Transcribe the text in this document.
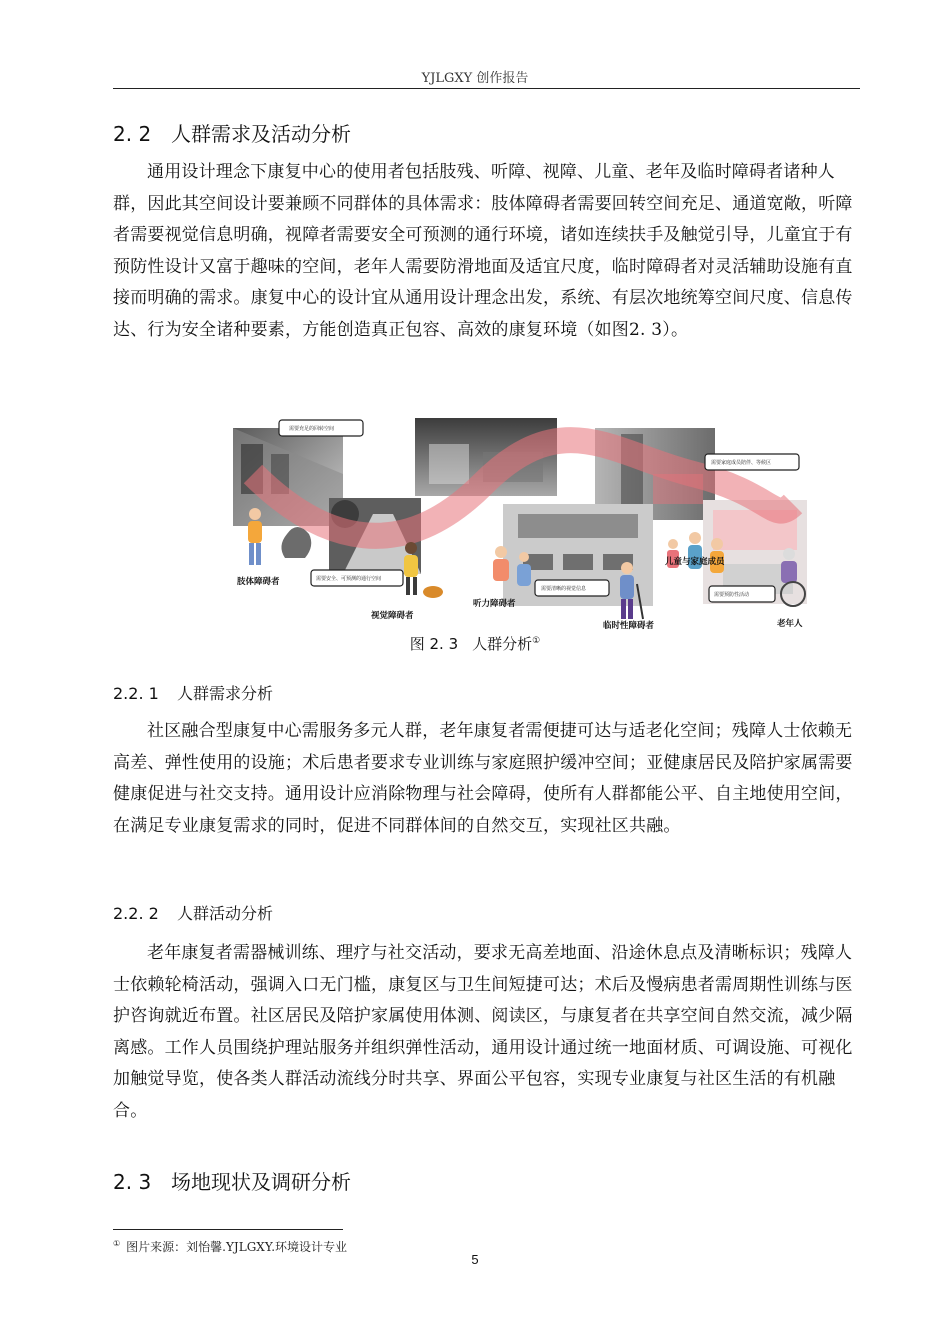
YJLGXY 创作报告
2. 2 人群需求及活动分析

通用设计理念下康复中心的使用者包括肢残、听障、视障、儿童、老年及临时障碍者诸种人群，因此其空间设计要兼顾不同群体的具体需求：肢体障碍者需要回转空间充足、通道宽敞，听障者需要视觉信息明确，视障者需要安全可预测的通行环境，诸如连续扶手及触觉引导，儿童宜于有预防性设计又富于趣味的空间，老年人需要防滑地面及适宜尺度，临时障碍者对灵活辅助设施有直接而明确的需求。康复中心的设计宜从通用设计理念出发，系统、有层次地统筹空间尺度、信息传达、行为安全诸种要素，方能创造真正包容、高效的康复环境（如图2. 3）。

需要充足的回转空间
需要家庭成员陪伴、等候区
需要安全、可预测的通行空间
需要清晰的视觉信息
需要预防性活动
肢体障碍者
视觉障碍者
听力障碍者
临时性障碍者
儿童与家庭成员
老年人
图 2. 3 人群分析①
2.2. 1 人群需求分析

社区融合型康复中心需服务多元人群，老年康复者需便捷可达与适老化空间；残障人士依赖无高差、弹性使用的设施；术后患者要求专业训练与家庭照护缓冲空间；亚健康居民及陪护家属需要健康促进与社交支持。通用设计应消除物理与社会障碍，使所有人群都能公平、自主地使用空间，在满足专业康复需求的同时，促进不同群体间的自然交互，实现社区共融。

2.2. 2 人群活动分析

老年康复者需器械训练、理疗与社交活动，要求无高差地面、沿途休息点及清晰标识；残障人士依赖轮椅活动，强调入口无门槛，康复区与卫生间短捷可达；术后及慢病患者需周期性训练与医护咨询就近布置。社区居民及陪护家属使用体测、阅读区，与康复者在共享空间自然交流，减少隔离感。工作人员围绕护理站服务并组织弹性活动，通用设计通过统一地面材质、可调设施、可视化加触觉导览，使各类人群活动流线分时共享、界面公平包容，实现专业康复与社区生活的有机融合。

2. 3 场地现状及调研分析
① 图片来源：刘怡馨.YJLGXY.环境设计专业
5
